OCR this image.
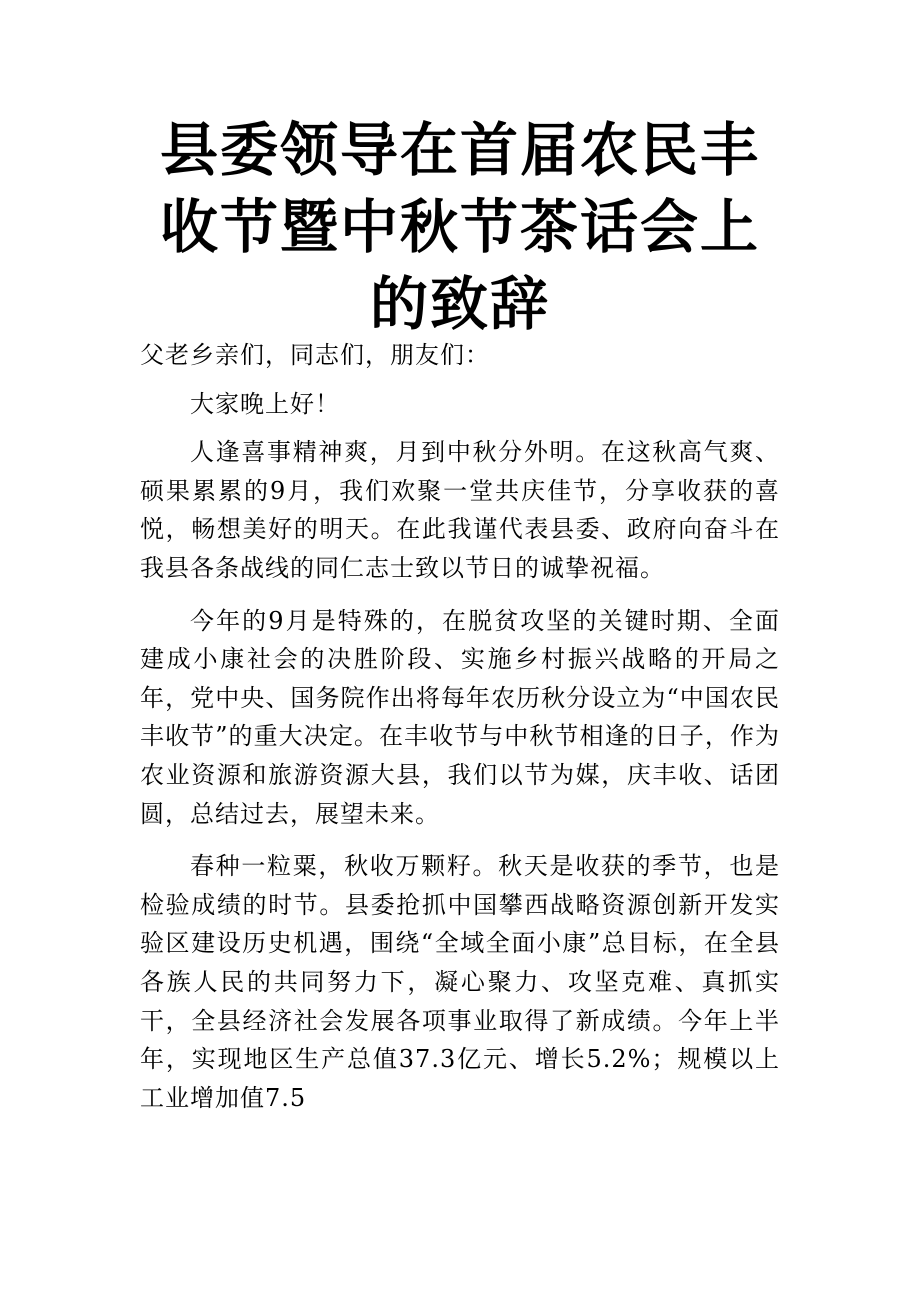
县委领导在首届农民丰收节暨中秋节茶话会上的致辞

父老乡亲们，同志们，朋友们：

大家晚上好！

人逢喜事精神爽，月到中秋分外明。在这秋高气爽、硕果累累的9月，我们欢聚一堂共庆佳节，分享收获的喜悦，畅想美好的明天。在此我谨代表县委、政府向奋斗在我县各条战线的同仁志士致以节日的诚挚祝福。

今年的9月是特殊的，在脱贫攻坚的关键时期、全面建成小康社会的决胜阶段、实施乡村振兴战略的开局之年，党中央、国务院作出将每年农历秋分设立为“中国农民丰收节”的重大决定。在丰收节与中秋节相逢的日子，作为农业资源和旅游资源大县，我们以节为媒，庆丰收、话团圆，总结过去，展望未来。

春种一粒粟，秋收万颗籽。秋天是收获的季节，也是检验成绩的时节。县委抢抓中国攀西战略资源创新开发实验区建设历史机遇，围绕“全域全面小康”总目标，在全县各族人民的共同努力下，凝心聚力、攻坚克难、真抓实干，全县经济社会发展各项事业取得了新成绩。今年上半年，实现地区生产总值37.3亿元、增长5.2%；规模以上工业增加值7.5
